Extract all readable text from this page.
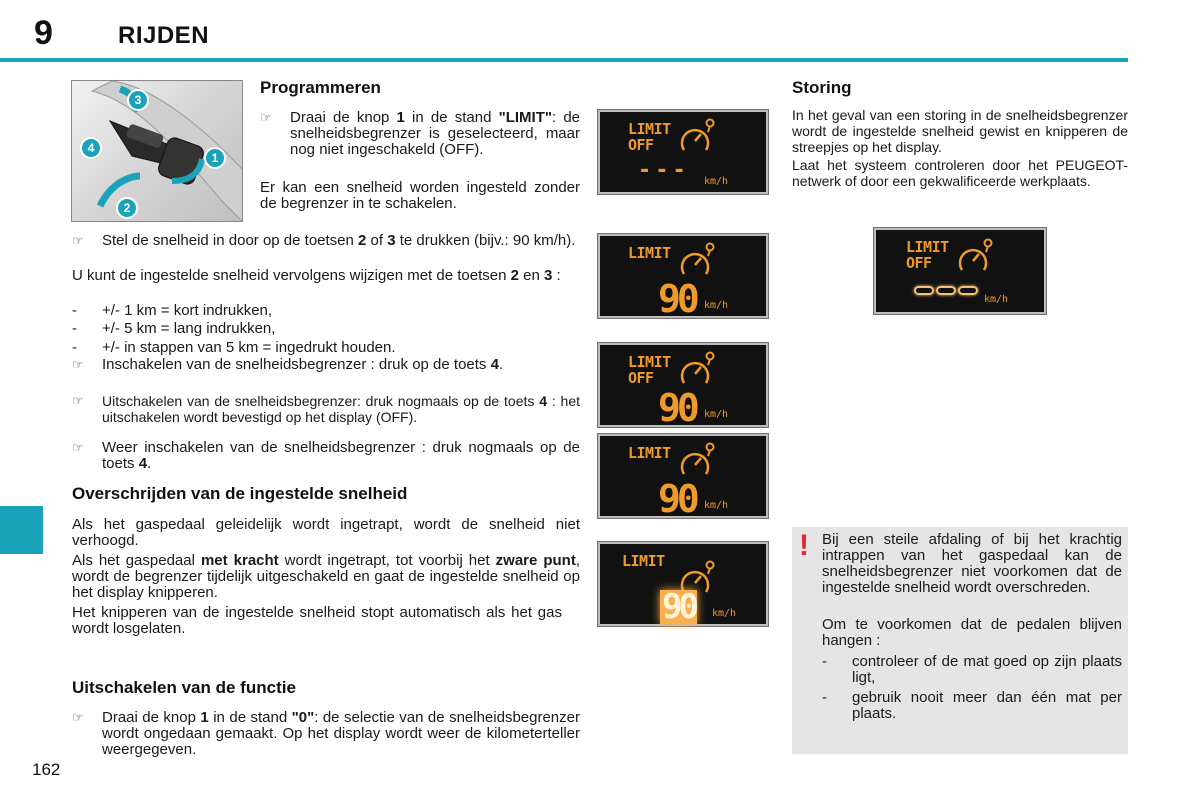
9	RIJDEN
162
3
4
1
2
Programmeren
☞	Draai de knop 1 in de stand "LIMIT": de snelheidsbegrenzer is geselecteerd, maar nog niet ingeschakeld (OFF).
Er kan een snelheid worden ingesteld zonder de begrenzer in te schakelen.
☞	Stel de snelheid in door op de toetsen 2 of 3 te drukken (bijv.: 90 km/h).
U kunt de ingestelde snelheid vervolgens wijzigen met de toetsen 2 en 3 :
-	+/- 1 km = kort indrukken,
-	+/- 5 km = lang indrukken,
-	+/- in stappen van 5 km = ingedrukt houden.
☞	Inschakelen van de snelheidsbegrenzer : druk op de toets 4.
☞	Uitschakelen van de snelheidsbegrenzer: druk nogmaals op de toets 4 : het uitschakelen wordt bevestigd op het display (OFF).
☞	Weer inschakelen van de snelheidsbegrenzer : druk nogmaals op de toets 4.
Overschrijden van de ingestelde snelheid
Als het gaspedaal geleidelijk wordt ingetrapt, wordt de snelheid niet verhoogd.
Als het gaspedaal met kracht wordt ingetrapt, tot voorbij het zware punt, wordt de begrenzer tijdelijk uitgeschakeld en gaat de ingestelde snelheid op het display knipperen.
Het knipperen van de ingestelde snelheid stopt automatisch als het gas wordt losgelaten.
Uitschakelen van de functie
☞	Draai de knop 1 in de stand "0": de selectie van de snelheidsbegrenzer wordt ongedaan gemaakt. Op het display wordt weer de kilometerteller weergegeven.
LIMIT
OFF
--- km/h
LIMIT
90 km/h
LIMIT
OFF
90 km/h
LIMIT
90 km/h
LIMIT
90 km/h
Storing
In het geval van een storing in de snelheidsbegrenzer wordt de ingestelde snelheid gewist en knipperen de streepjes op het display.
Laat het systeem controleren door het PEUGEOT-netwerk of door een gekwalificeerde werkplaats.
LIMIT
OFF
km/h
! Bij een steile afdaling of bij het krachtig intrappen van het gaspedaal kan de snelheidsbegrenzer niet voorkomen dat de ingestelde snelheid wordt overschreden.
Om te voorkomen dat de pedalen blijven hangen :
-	controleer of de mat goed op zijn plaats ligt,
-	gebruik nooit meer dan één mat per plaats.
